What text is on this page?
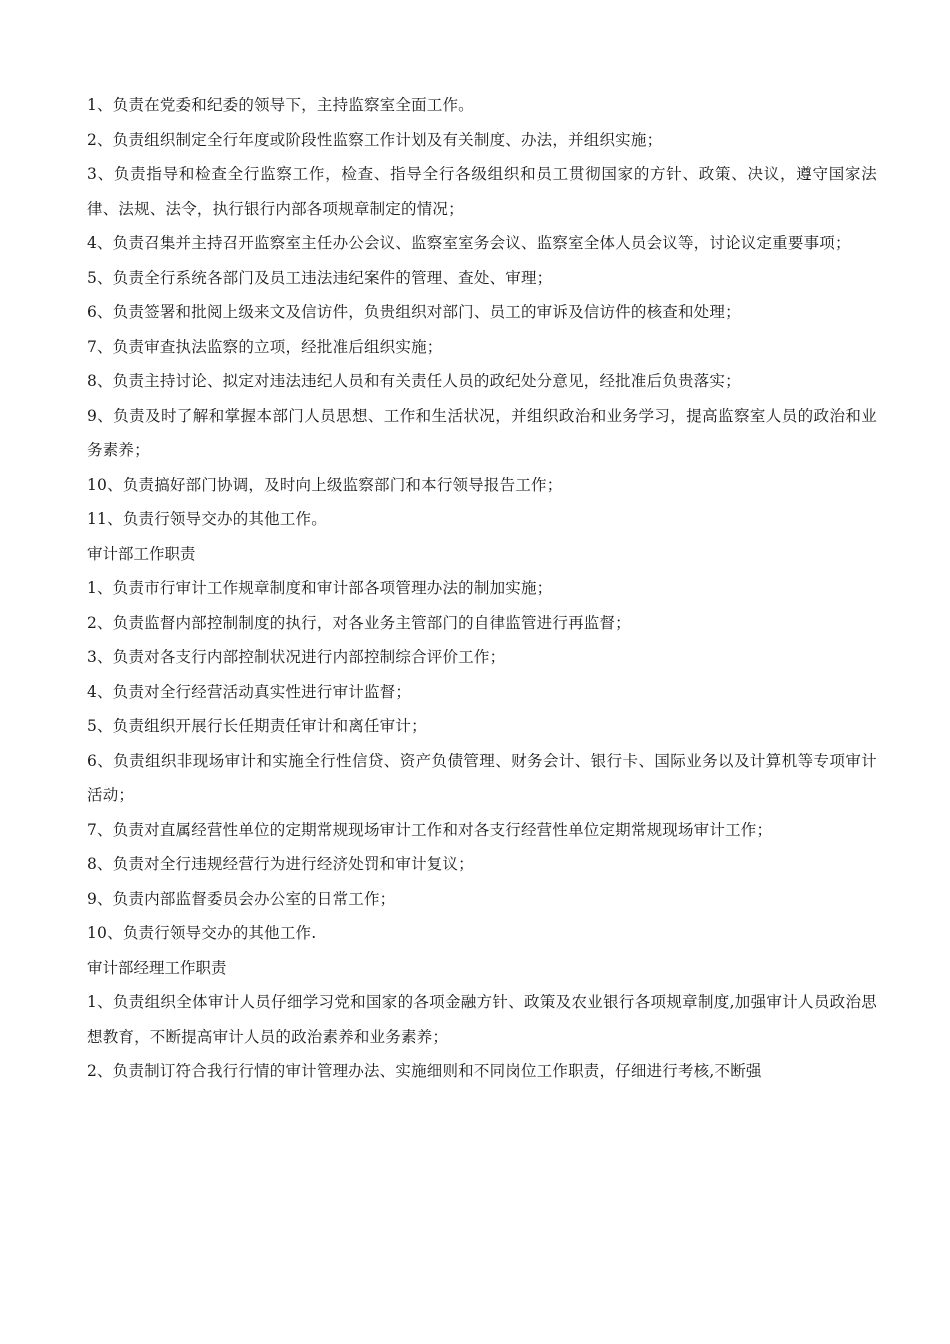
1、负责在党委和纪委的领导下，主持监察室全面工作。

2、负责组织制定全行年度或阶段性监察工作计划及有关制度、办法，并组织实施；

3、负责指导和检查全行监察工作，检查、指导全行各级组织和员工贯彻国家的方针、政策、决议，遵守国家法律、法规、法令，执行银行内部各项规章制定的情况；

4、负责召集并主持召开监察室主任办公会议、监察室室务会议、监察室全体人员会议等，讨论议定重要事项；

5、负责全行系统各部门及员工违法违纪案件的管理、查处、审理；

6、负责签署和批阅上级来文及信访件，负贵组织对部门、员工的审诉及信访件的核查和处理；

7、负责审查执法监察的立项，经批准后组织实施；

8、负责主持讨论、拟定对违法违纪人员和有关责任人员的政纪处分意见，经批准后负贵落实；

9、负责及时了解和掌握本部门人员思想、工作和生活状况，并组织政治和业务学习，提高监察室人员的政治和业务素养；

10、负责搞好部门协调，及时向上级监察部门和本行领导报告工作；

11、负责行领导交办的其他工作。

审计部工作职责

1、负责市行审计工作规章制度和审计部各项管理办法的制加实施；

2、负责监督内部控制制度的执行，对各业务主管部门的自律监管进行再监督；

3、负责对各支行内部控制状况进行内部控制综合评价工作；

4、负责对全行经营活动真实性进行审计监督；

5、负责组织开展行长任期责任审计和离任审计；

6、负责组织非现场审计和实施全行性信贷、资产负债管理、财务会计、银行卡、国际业务以及计算机等专项审计活动；

7、负责对直属经营性单位的定期常规现场审计工作和对各支行经营性单位定期常规现场审计工作；

8、负责对全行违规经营行为进行经济处罚和审计复议；

9、负责内部监督委员会办公室的日常工作；

10、负责行领导交办的其他工作.

审计部经理工作职责

1、负责组织全体审计人员仔细学习党和国家的各项金融方针、政策及农业银行各项规章制度,加强审计人员政治思想教育，不断提高审计人员的政治素养和业务素养；

2、负责制订符合我行行情的审计管理办法、实施细则和不同岗位工作职责，仔细进行考核,不断强
